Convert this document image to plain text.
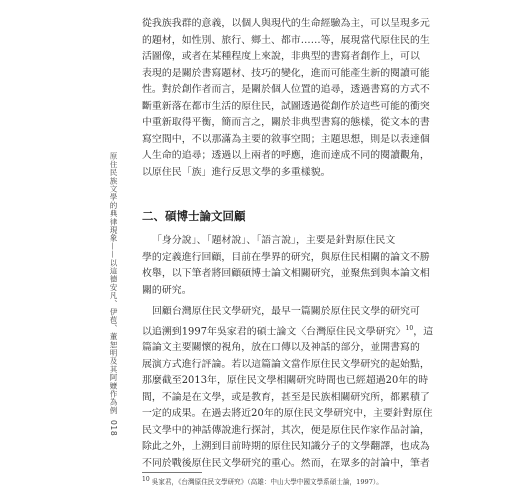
原住民族文學的典律現象——以這德安凡、伊苞、董恕明及其阿嬤作為例018
從我族我群的意義，以個人與現代的生命經驗為主，可以呈現多元
的題材，如性別、旅行、鄉土、都市……等，展現當代原住民的生
活圖像，或者在某種程度上來說，非典型的書寫者創作上，可以
表現的是關於書寫題材、技巧的變化，進而可能產生新的閱讀可能
性。對於創作者而言，是關於個人位置的追尋，透過書寫的方式不
斷重新落在都市生活的原住民，試圖透過從創作於這些可能的衝突
中重新取得平衡，簡而言之，關於非典型書寫的態樣，從文本的書
寫空間中，不以那滿為主要的敘事空間；主題思想，則是以表達個
人生命的追尋；透過以上兩者的呼應，進而達成不同的閱讀觀角，
以原住民「族」進行反思文學的多重樣貌。
二、碩博士論文回顧
「身分說」、「題材說」、「語言說」，主要是針對原住民文
學的定義進行回顧，目前在學界的研究，與原住民相關的論文不勝
枚舉，以下筆者將回顧碩博士論文相關研究，並聚焦到與本論文相
關的研究。
回顧台灣原住民文學研究，最早一篇關於原住民文學的研究可
以追溯到1997年吳家君的碩士論文〈台灣原住民文學研究〉$^{10}$，這
篇論文主要關懷的視角，放在口傳以及神話的部分，並開書寫的
展演方式進行評論。若以這篇論文當作原住民文學研究的起始點，
那麼截至2013年，原住民文學相關研究時間也已經超過20年的時
間，不論是在文學，或是教育，甚至是民族相關研究所，都累積了
一定的成果。在過去將近20年的原住民文學研究中，主要針對原住
民文學中的神話傳說進行探討，其次，便是原住民作家作品討論，
除此之外，上溯到目前時期的原住民知識分子的文學翻譯，也成為
不同於戰後原住民文學研究的重心。然而，在眾多的討論中，筆者
10 吳家君，《台灣原住民文學研究》（高雄：中山大學中國文學系碩士論，1997）。
